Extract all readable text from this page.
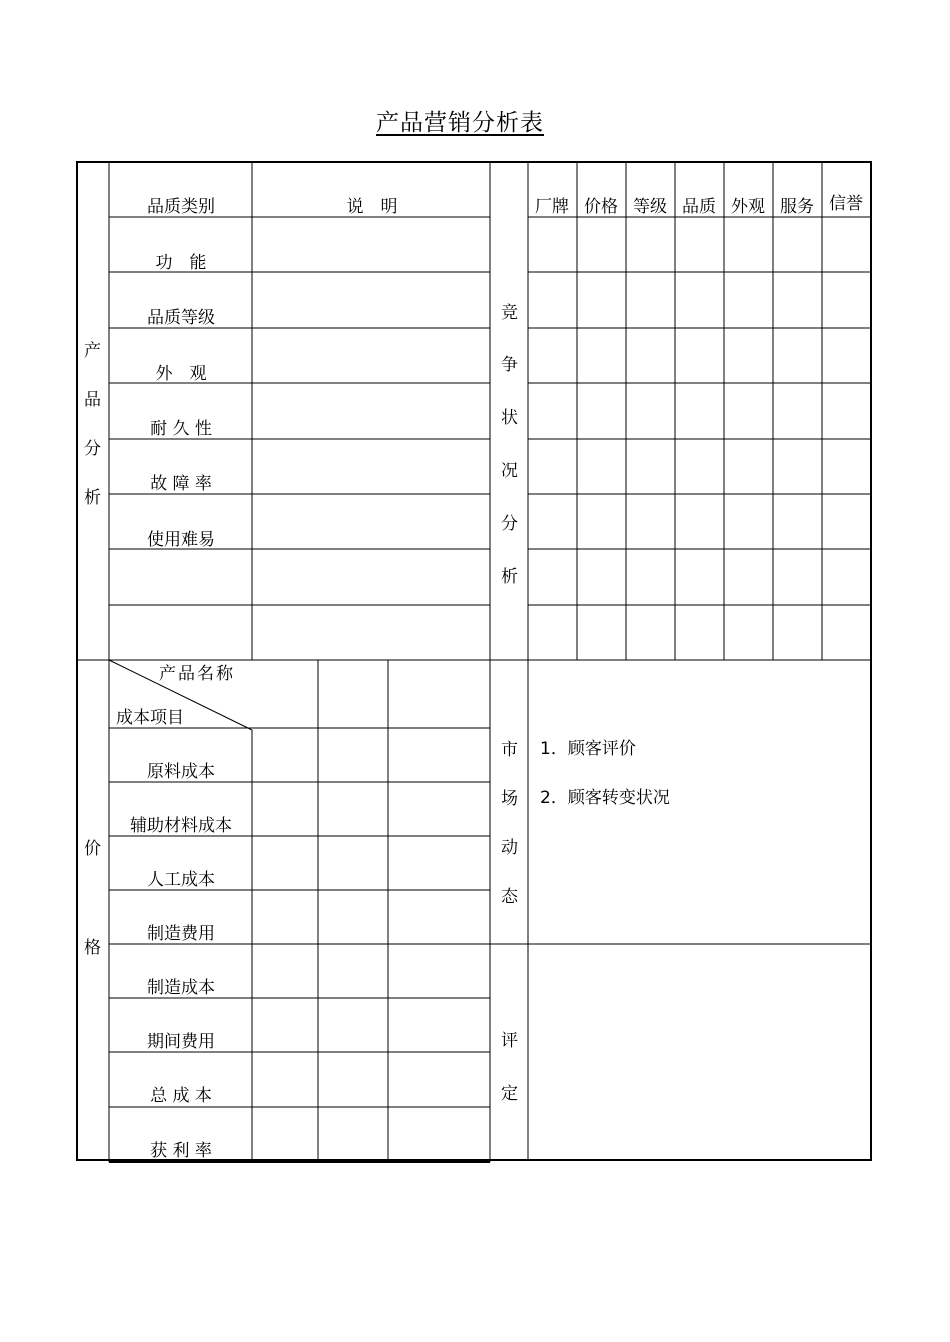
产品营销分析表
产
品
分
析
品质类别	说　明
功　能
品质等级
外　观
耐 久 性
故 障 率
使用难易
竞
争
状
况
分
析
厂牌 价格 等级 品质 外观 服务 信誉
价
格
产品名称
成本项目
原料成本
辅助材料成本
人工成本
制造费用
制造成本
期间费用
总 成 本
获 利 率
市
场
动
态
1．顾客评价
2．顾客转变状况
评
定
